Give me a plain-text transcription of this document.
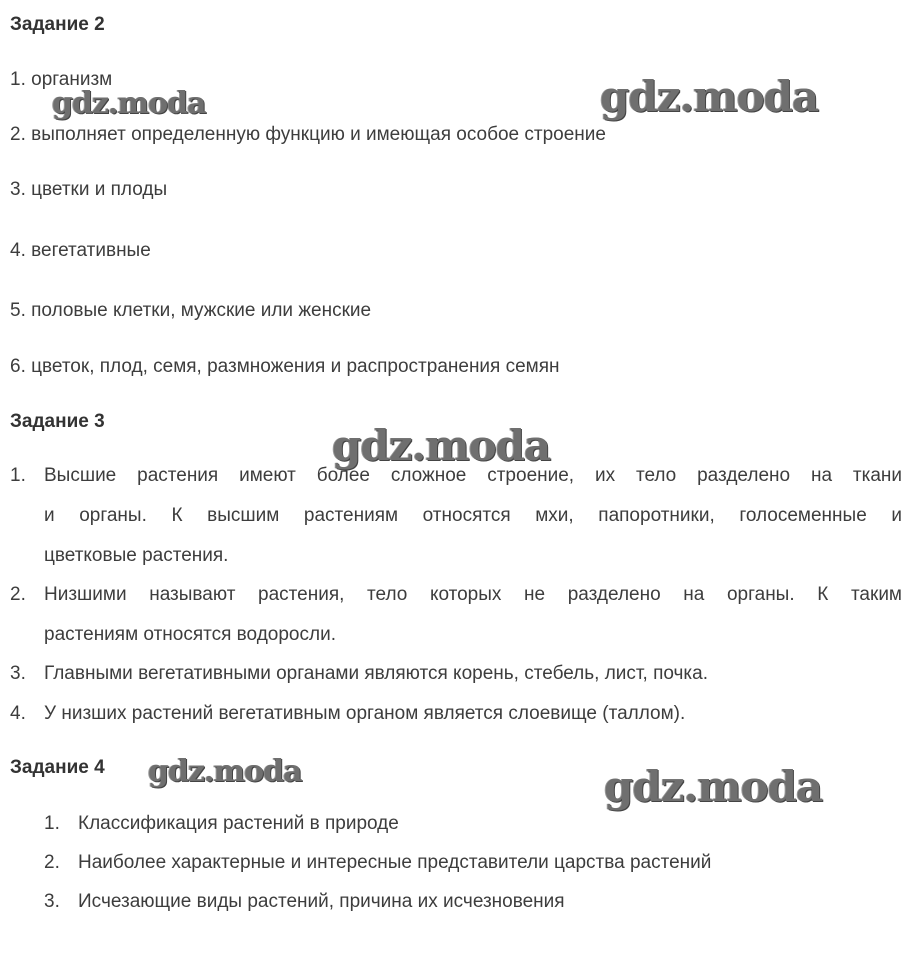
Задание 2
1. организм
2. выполняет определенную функцию и имеющая особое строение
3. цветки и плоды
4. вегетативные
5. половые клетки, мужские или женские
6. цветок, плод, семя, размножения и распространения семян
Задание 3
1. Высшие растения имеют более сложное строение, их тело разделено на ткани
и органы. К высшим растениям относятся мхи, папоротники, голосеменные и
цветковые растения.
2. Низшими называют растения, тело которых не разделено на органы. К таким
растениям относятся водоросли.
3. Главными вегетативными органами являются корень, стебель, лист, почка.
4. У низших растений вегетативным органом является слоевище (таллом).
Задание 4
1. Классификация растений в природе
2. Наиболее характерные и интересные представители царства растений
3. Исчезающие виды растений, причина их исчезновения
gdz.moda	gdz.moda
gdz.moda
gdz.moda	gdz.moda
